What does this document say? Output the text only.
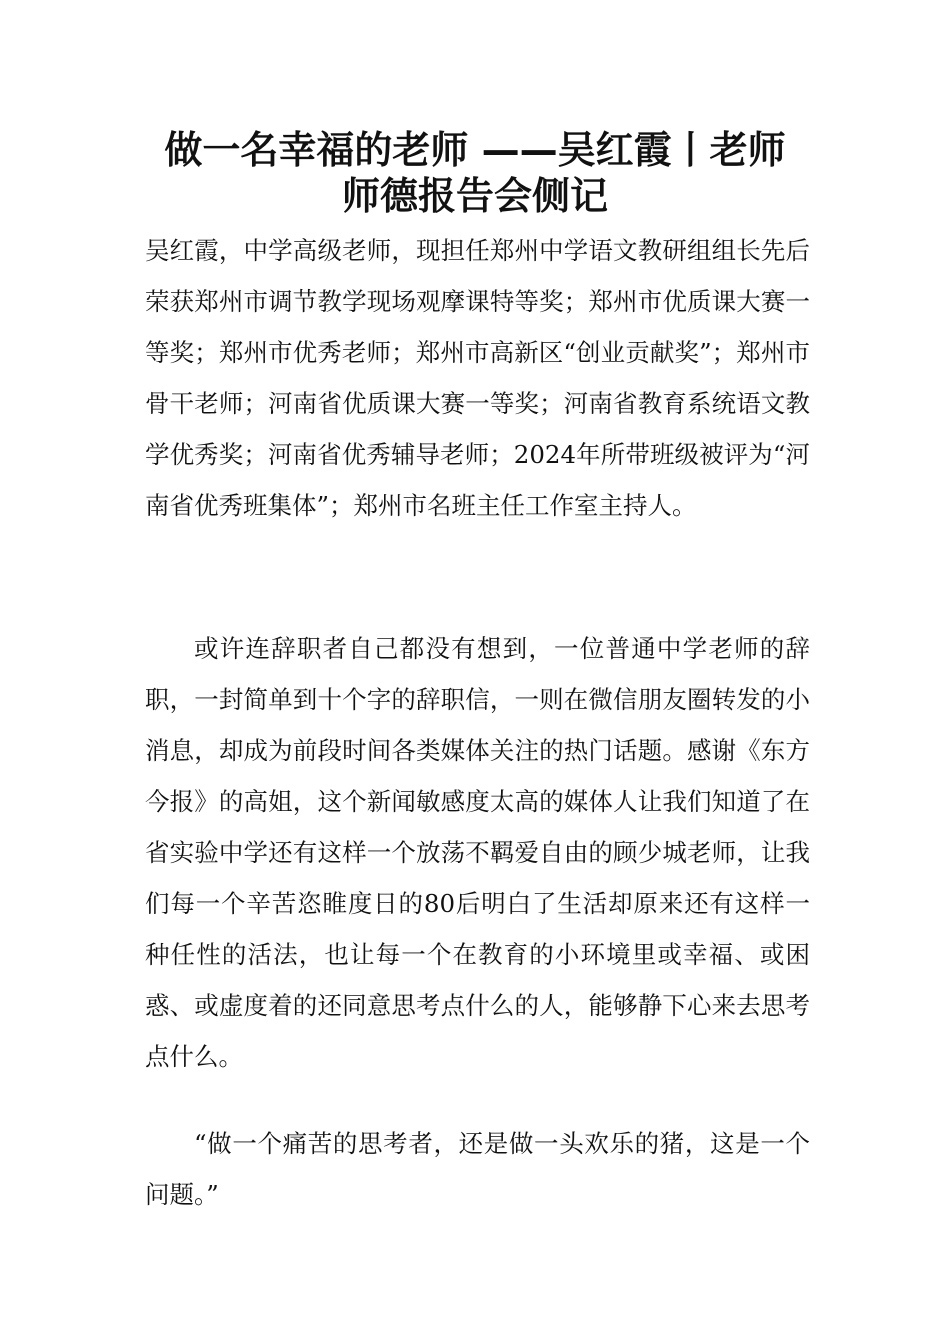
做一名幸福的老师 ——吴红霞丨老师
师德报告会侧记

吴红霞，中学高级老师，现担任郑州中学语文教研组组长先后荣获郑州市调节教学现场观摩课特等奖；郑州市优质课大赛一等奖；郑州市优秀老师；郑州市高新区“创业贡献奖”；郑州市骨干老师；河南省优质课大赛一等奖；河南省教育系统语文教学优秀奖；河南省优秀辅导老师；2024年所带班级被评为“河南省优秀班集体”；郑州市名班主任工作室主持人。

或许连辞职者自己都没有想到，一位普通中学老师的辞职，一封简单到十个字的辞职信，一则在微信朋友圈转发的小消息，却成为前段时间各类媒体关注的热门话题。感谢《东方今报》的高姐，这个新闻敏感度太高的媒体人让我们知道了在省实验中学还有这样一个放荡不羁爱自由的顾少城老师，让我们每一个辛苦恣睢度日的80后明白了生活却原来还有这样一种任性的活法，也让每一个在教育的小环境里或幸福、或困惑、或虚度着的还同意思考点什么的人，能够静下心来去思考点什么。

“做一个痛苦的思考者，还是做一头欢乐的猪，这是一个问题。”
